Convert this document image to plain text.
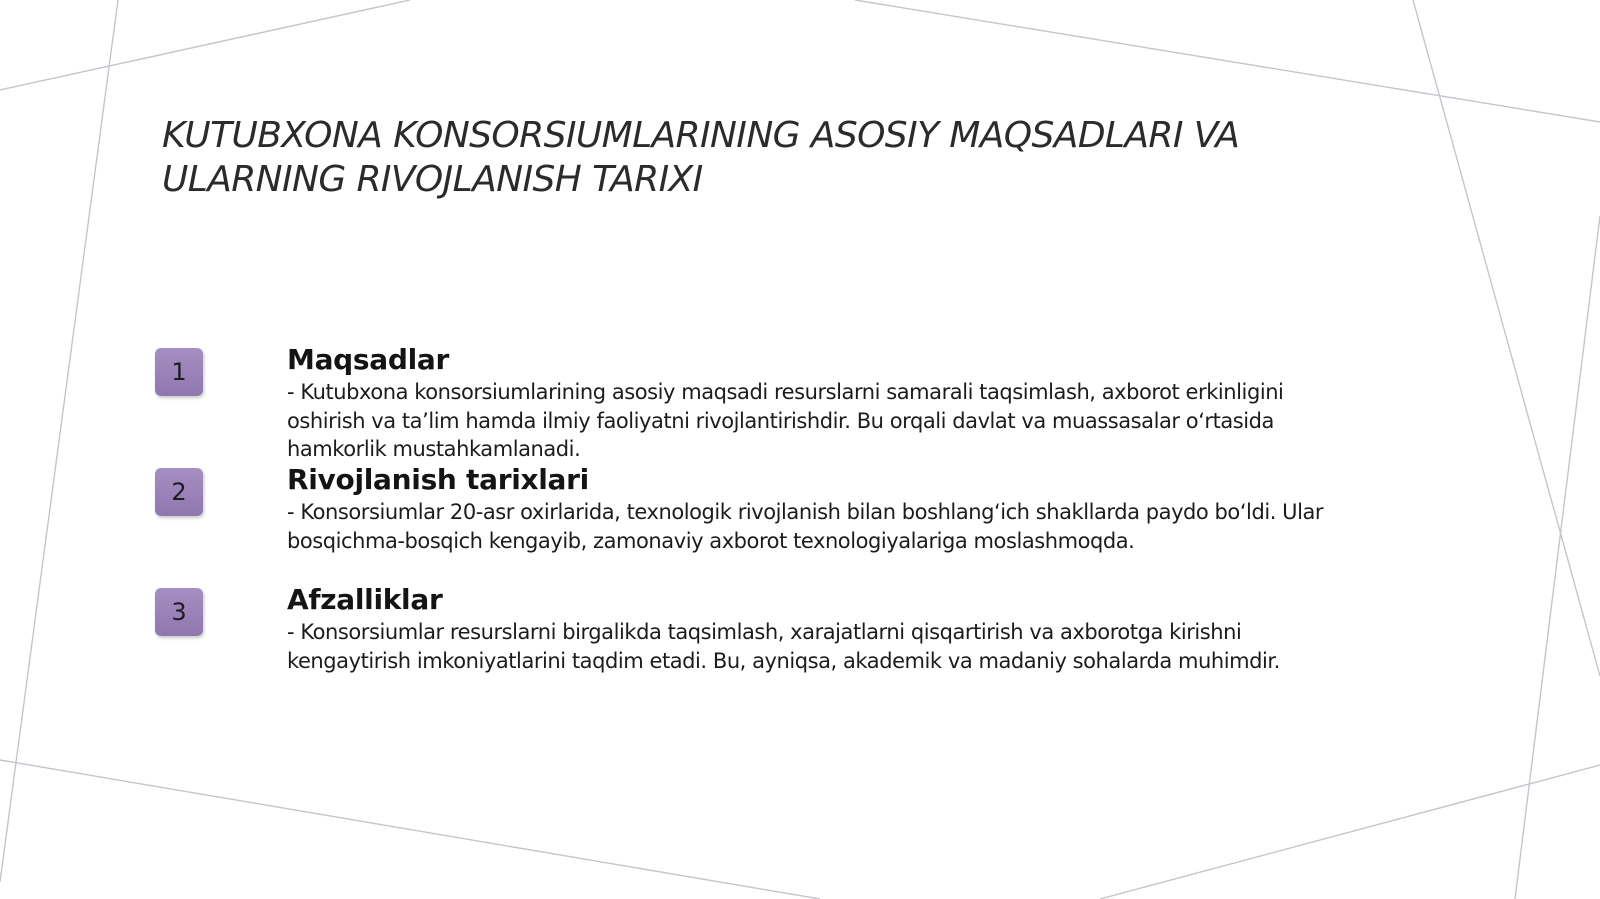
KUTUBXONA KONSORSIUMLARINING ASOSIY MAQSADLARI VA
ULARNING RIVOJLANISH TARIXI
1	Maqsadlar

- Kutubxona konsorsiumlarining asosiy maqsadi resurslarni samarali taqsimlash, axborot erkinligini
oshirish va ta’lim hamda ilmiy faoliyatni rivojlantirishdir. Bu orqali davlat va muassasalar o‘rtasida
hamkorlik mustahkamlanadi.

2	Rivojlanish tarixlari

- Konsorsiumlar 20-asr oxirlarida, texnologik rivojlanish bilan boshlang‘ich shakllarda paydo bo‘ldi. Ular
bosqichma-bosqich kengayib, zamonaviy axborot texnologiyalariga moslashmoqda.

3	Afzalliklar

- Konsorsiumlar resurslarni birgalikda taqsimlash, xarajatlarni qisqartirish va axborotga kirishni
kengaytirish imkoniyatlarini taqdim etadi. Bu, ayniqsa, akademik va madaniy sohalarda muhimdir.
